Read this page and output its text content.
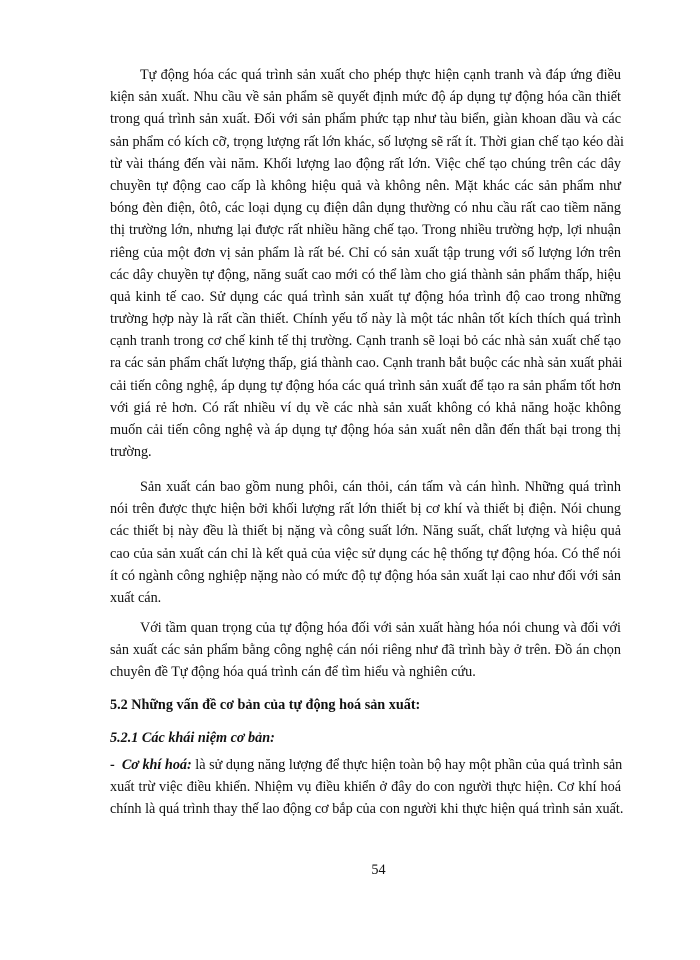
Tự động hóa các quá trình sản xuất cho phép thực hiện cạnh tranh và đáp ứng điều
kiện sản xuất. Nhu cầu về sản phẩm sẽ quyết định mức độ áp dụng tự động hóa cần thiết
trong quá trình sản xuất. Đối với sản phẩm phức tạp như tàu biển, giàn khoan dầu và các
sản phẩm có kích cỡ, trọng lượng rất lớn khác, số lượng sẽ rất ít. Thời gian chế tạo kéo dài
từ vài tháng đến vài năm. Khối lượng lao động rất lớn. Việc chế tạo chúng trên các dây
chuyền tự động cao cấp là không hiệu quả và không nên. Mặt khác các sản phẩm như
bóng đèn điện, ôtô, các loại dụng cụ điện dân dụng thường có nhu cầu rất cao tiềm năng
thị trường lớn, nhưng lại được rất nhiều hãng chế tạo. Trong nhiều trường hợp, lợi nhuận
riêng của một đơn vị sản phẩm là rất bé. Chỉ có sản xuất tập trung với số lượng lớn trên
các dây chuyền tự động, năng suất cao mới có thể làm cho giá thành sản phẩm thấp, hiệu
quả kinh tế cao. Sử dụng các quá trình sản xuất tự động hóa trình độ cao trong những
trường hợp này là rất cần thiết. Chính yếu tố này là một tác nhân tốt kích thích quá trình
cạnh tranh trong cơ chế kinh tế thị trường. Cạnh tranh sẽ loại bỏ các nhà sản xuất chế tạo
ra các sản phẩm chất lượng thấp, giá thành cao. Cạnh tranh bắt buộc các nhà sản xuất phải
cải tiến công nghệ, áp dụng tự động hóa các quá trình sản xuất để tạo ra sản phẩm tốt hơn
với giá rẻ hơn. Có rất nhiều ví dụ về các nhà sản xuất không có khả năng hoặc không
muốn cải tiến công nghệ và áp dụng tự động hóa sản xuất nên dẫn đến thất bại trong thị
trường.
Sản xuất cán bao gồm nung phôi, cán thỏi, cán tấm và cán hình. Những quá trình
nói trên được thực hiện bởi khối lượng rất lớn thiết bị cơ khí và thiết bị điện. Nói chung
các thiết bị này đều là thiết bị nặng và công suất lớn. Năng suất, chất lượng và hiệu quả
cao của sản xuất cán chỉ là kết quả của việc sử dụng các hệ thống tự động hóa. Có thể nói
ít có ngành công nghiệp nặng nào có mức độ tự động hóa sản xuất lại cao như đối với sản
xuất cán.
Với tầm quan trọng của tự động hóa đối với sản xuất hàng hóa nói chung và đối với
sản xuất các sản phẩm bằng công nghệ cán nói riêng như đã trình bày ở trên. Đồ án chọn
chuyên đề Tự động hóa quá trình cán để tìm hiểu và nghiên cứu.
5.2 Những vấn đề cơ bản của tự động hoá sản xuất:
5.2.1 Các khái niệm cơ bản:
- Cơ khí hoá: là sử dụng năng lượng để thực hiện toàn bộ hay một phần của quá trình sản
xuất trừ việc điều khiển. Nhiệm vụ điều khiển ở đây do con người thực hiện. Cơ khí hoá
chính là quá trình thay thế lao động cơ bắp của con người khi thực hiện quá trình sản xuất.
54
